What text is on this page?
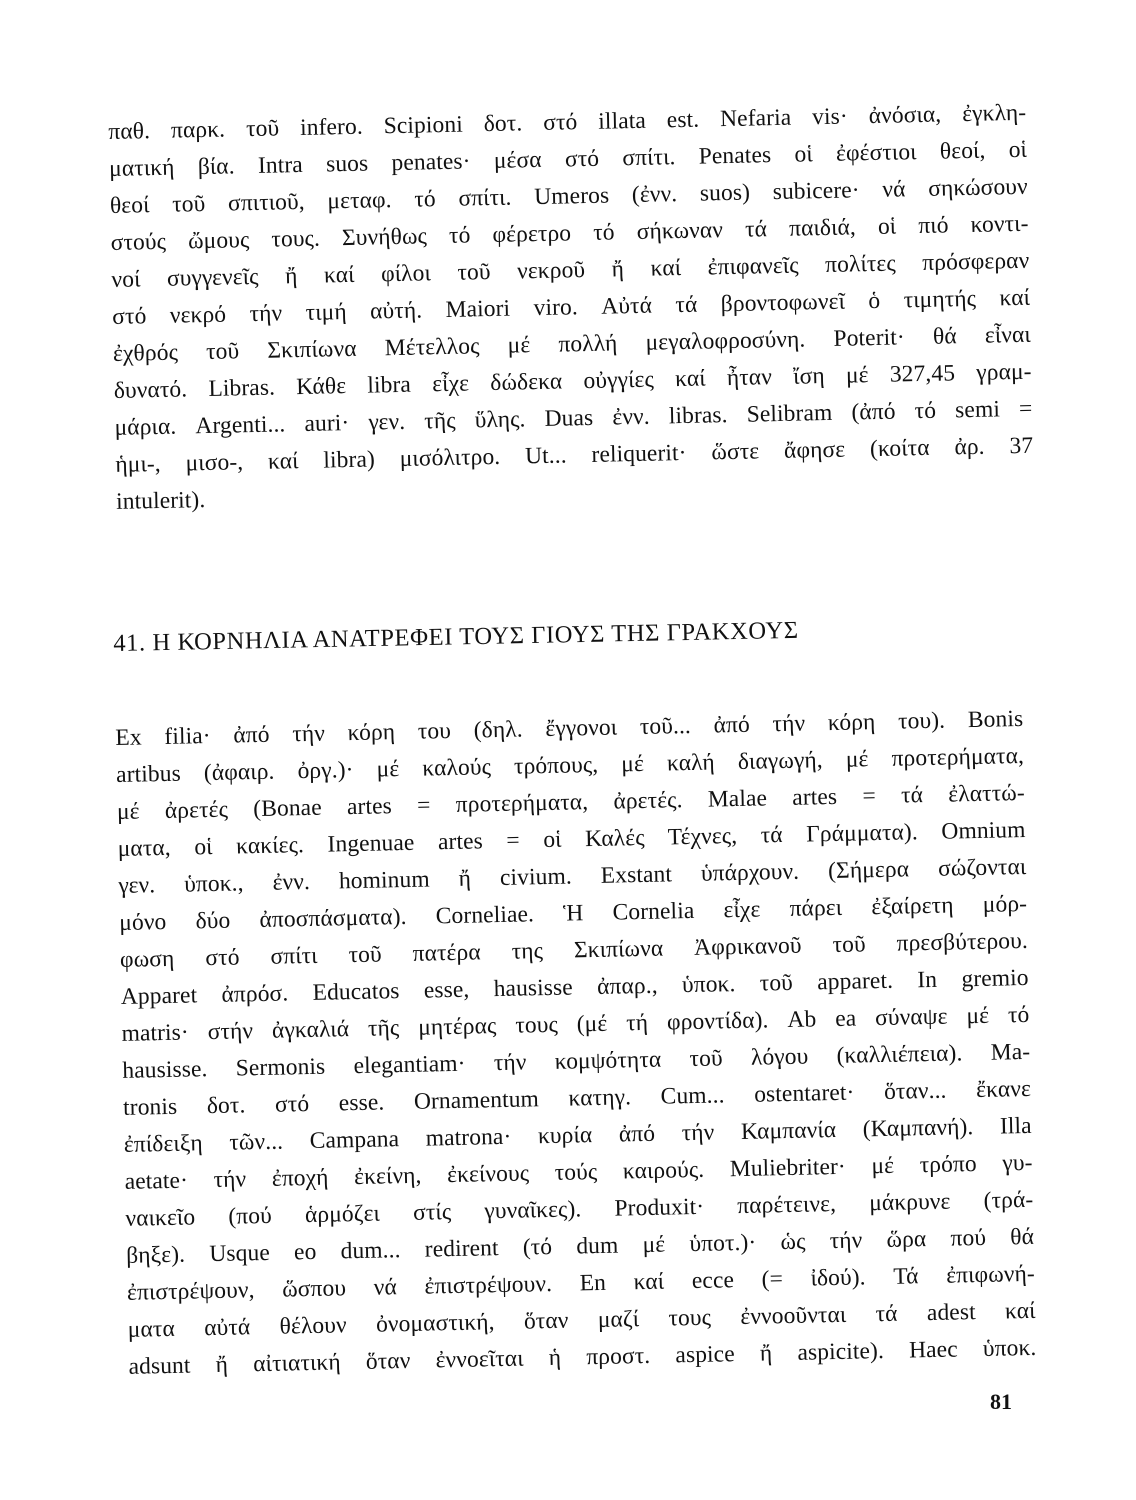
παθ. παρκ. τοῦ infero. Scipioni δοτ. στό illata est. Nefaria vis· ἀνόσια, ἐγκλη-
ματική βία. Intra suos penates· μέσα στό σπίτι. Penates οἱ ἐφέστιοι θεοί, οἱ
θεοί τοῦ σπιτιοῦ, μεταφ. τό σπίτι. Umeros (ἐνν. suos) subicere· νά σηκώσουν
στούς ὤμους τους. Συνήθως τό φέρετρο τό σήκωναν τά παιδιά, οἱ πιό κοντι-
νοί συγγενεῖς ἤ καί φίλοι τοῦ νεκροῦ ἤ καί ἐπιφανεῖς πολίτες πρόσφεραν
στό νεκρό τήν τιμή αὐτή. Maiori viro. Αὐτά τά βροντοφωνεῖ ὁ τιμητής καί
ἐχθρός τοῦ Σκιπίωνα Μέτελλος μέ πολλή μεγαλοφροσύνη. Poterit· θά εἶναι
δυνατό. Libras. Κάθε libra εἶχε δώδεκα οὐγγίες καί ἦταν ἴση μέ 327,45 γραμ-
μάρια. Argenti... auri· γεν. τῆς ὕλης. Duas ἐνν. libras. Selibram (ἀπό τό semi =
ἡμι-, μισο-, καί libra) μισόλιτρο. Ut... reliquerit· ὥστε ἄφησε (κοίτα ἀρ. 37
intulerit).
41. Η ΚΟΡΝΗΛΙΑ ΑΝΑΤΡΕΦΕΙ ΤΟΥΣ ΓΙΟΥΣ ΤΗΣ ΓΡΑΚΧΟΥΣ
Ex filia· ἀπό τήν κόρη του (δηλ. ἔγγονοι τοῦ... ἀπό τήν κόρη του). Bonis
artibus (ἀφαιρ. ὀργ.)· μέ καλούς τρόπους, μέ καλή διαγωγή, μέ προτερήματα,
μέ ἀρετές (Bonae artes = προτερήματα, ἀρετές. Malae artes = τά ἐλαττώ-
ματα, οἱ κακίες. Ingenuae artes = οἱ Καλές Τέχνες, τά Γράμματα). Omnium
γεν. ὑποκ., ἐνν. hominum ἤ civium. Exstant ὑπάρχουν. (Σήμερα σώζονται
μόνο δύο ἀποσπάσματα). Corneliae. Ἡ Cornelia εἶχε πάρει ἐξαίρετη μόρ-
φωση στό σπίτι τοῦ πατέρα της Σκιπίωνα Ἀφρικανοῦ τοῦ πρεσβύτερου.
Apparet ἀπρόσ. Educatos esse, hausisse ἀπαρ., ὑποκ. τοῦ apparet. In gremio
matris· στήν ἀγκαλιά τῆς μητέρας τους (μέ τή φροντίδα). Ab ea σύναψε μέ τό
hausisse. Sermonis elegantiam· τήν κομψότητα τοῦ λόγου (καλλιέπεια). Ma-
tronis δοτ. στό esse. Ornamentum κατηγ. Cum... ostentaret· ὅταν... ἔκανε
ἐπίδειξη τῶν... Campana matrona· κυρία ἀπό τήν Καμπανία (Καμπανή). Illa
aetate· τήν ἐποχή ἐκείνη, ἐκείνους τούς καιρούς. Muliebriter· μέ τρόπο γυ-
ναικεῖο (πού ἁρμόζει στίς γυναῖκες). Produxit· παρέτεινε, μάκρυνε (τρά-
βηξε). Usque eo dum... redirent (τό dum μέ ὑποτ.)· ὡς τήν ὥρα πού θά
ἐπιστρέψουν, ὥσπου νά ἐπιστρέψουν. En καί ecce (= ἰδού). Τά ἐπιφωνή-
ματα αὐτά θέλουν ὀνομαστική, ὅταν μαζί τους ἐννοοῦνται τά adest καί
adsunt ἤ αἰτιατική ὅταν ἐννοεῖται ἡ προστ. aspice ἤ aspicite). Haec ὑποκ.
81
